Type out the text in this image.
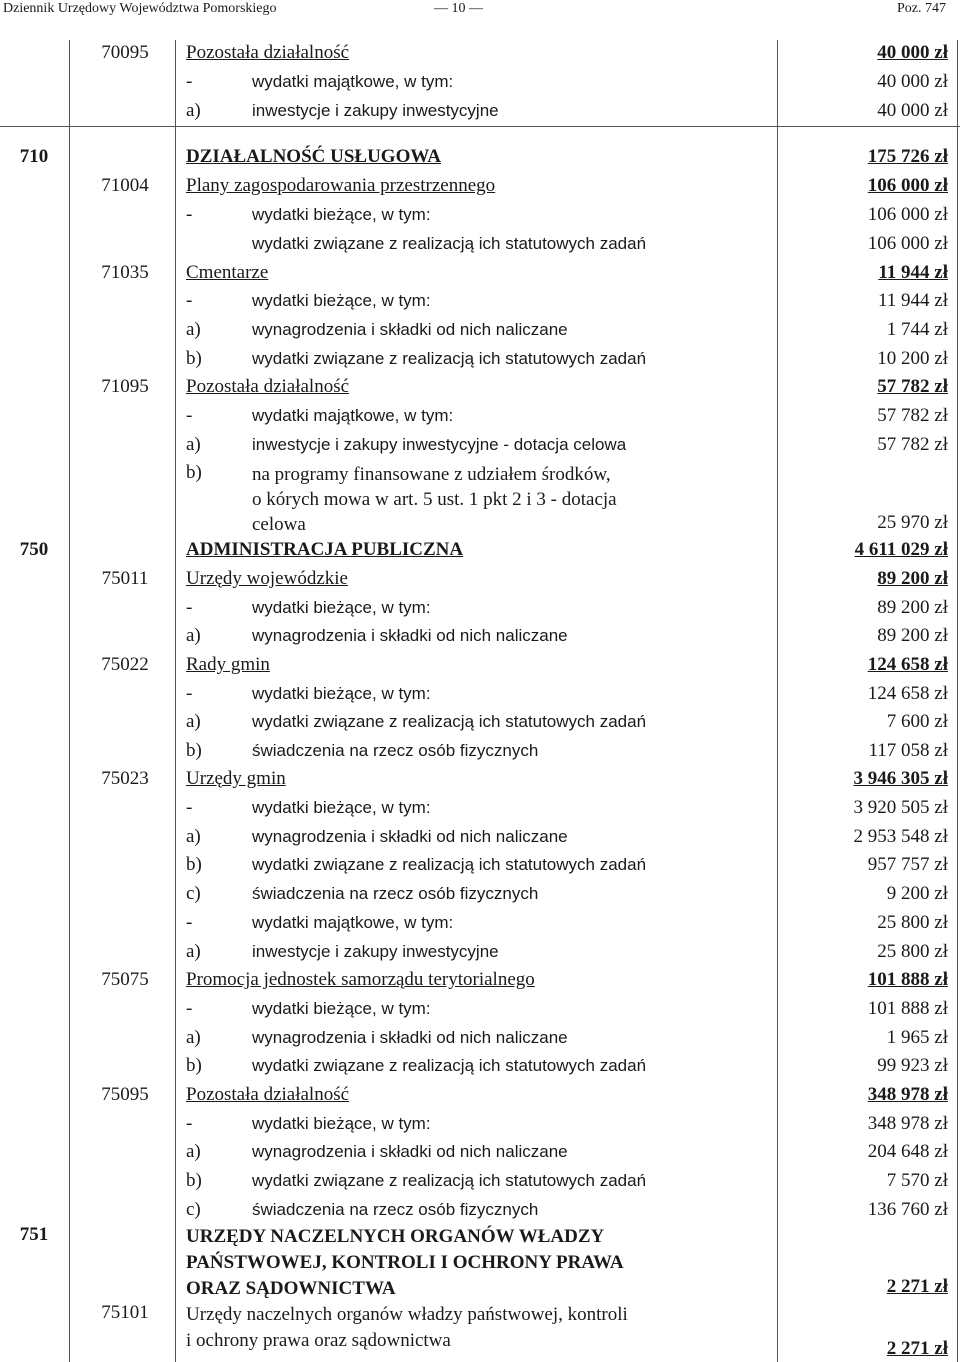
Dziennik Urzędowy Województwa Pomorskiego	— 10 —	Poz. 747
70095	Pozostała działalność	40 000 zł
-	wydatki majątkowe, w tym:	40 000 zł
a)	inwestycje i zakupy inwestycyjne	40 000 zł
710	DZIAŁALNOŚĆ USŁUGOWA	175 726 zł
71004	Plany zagospodarowania przestrzennego	106 000 zł
-	wydatki bieżące, w tym:	106 000 zł
wydatki związane z realizacją ich statutowych zadań	106 000 zł
71035	Cmentarze	11 944 zł
-	wydatki bieżące, w tym:	11 944 zł
a)	wynagrodzenia i składki od nich naliczane	1 744 zł
b)	wydatki związane z realizacją ich statutowych zadań	10 200 zł
71095	Pozostała działalność	57 782 zł
-	wydatki majątkowe, w tym:	57 782 zł
a)	inwestycje i zakupy inwestycyjne - dotacja celowa	57 782 zł
b)	na programy finansowane z udziałem środków,
o kórych mowa w art. 5 ust. 1 pkt 2 i 3 - dotacja
celowa	25 970 zł
750	ADMINISTRACJA PUBLICZNA	4 611 029 zł
75011	Urzędy wojewódzkie	89 200 zł
-	wydatki bieżące, w tym:	89 200 zł
a)	wynagrodzenia i składki od nich naliczane	89 200 zł
75022	Rady gmin	124 658 zł
-	wydatki bieżące, w tym:	124 658 zł
a)	wydatki związane z realizacją ich statutowych zadań	7 600 zł
b)	świadczenia na rzecz osób fizycznych	117 058 zł
75023	Urzędy gmin	3 946 305 zł
-	wydatki bieżące, w tym:	3 920 505 zł
a)	wynagrodzenia i składki od nich naliczane	2 953 548 zł
b)	wydatki związane z realizacją ich statutowych zadań	957 757 zł
c)	świadczenia na rzecz osób fizycznych	9 200 zł
-	wydatki majątkowe, w tym:	25 800 zł
a)	inwestycje i zakupy inwestycyjne	25 800 zł
75075	Promocja jednostek samorządu terytorialnego	101 888 zł
-	wydatki bieżące, w tym:	101 888 zł
a)	wynagrodzenia i składki od nich naliczane	1 965 zł
b)	wydatki związane z realizacją ich statutowych zadań	99 923 zł
75095	Pozostała działalność	348 978 zł
-	wydatki bieżące, w tym:	348 978 zł
a)	wynagrodzenia i składki od nich naliczane	204 648 zł
b)	wydatki związane z realizacją ich statutowych zadań	7 570 zł
c)	świadczenia na rzecz osób fizycznych	136 760 zł
751	URZĘDY NACZELNYCH ORGANÓW WŁADZY
PAŃSTWOWEJ, KONTROLI I OCHRONY PRAWA
ORAZ SĄDOWNICTWA	2 271 zł
75101	Urzędy naczelnych organów władzy państwowej, kontroli
i ochrony prawa oraz sądownictwa	2 271 zł
